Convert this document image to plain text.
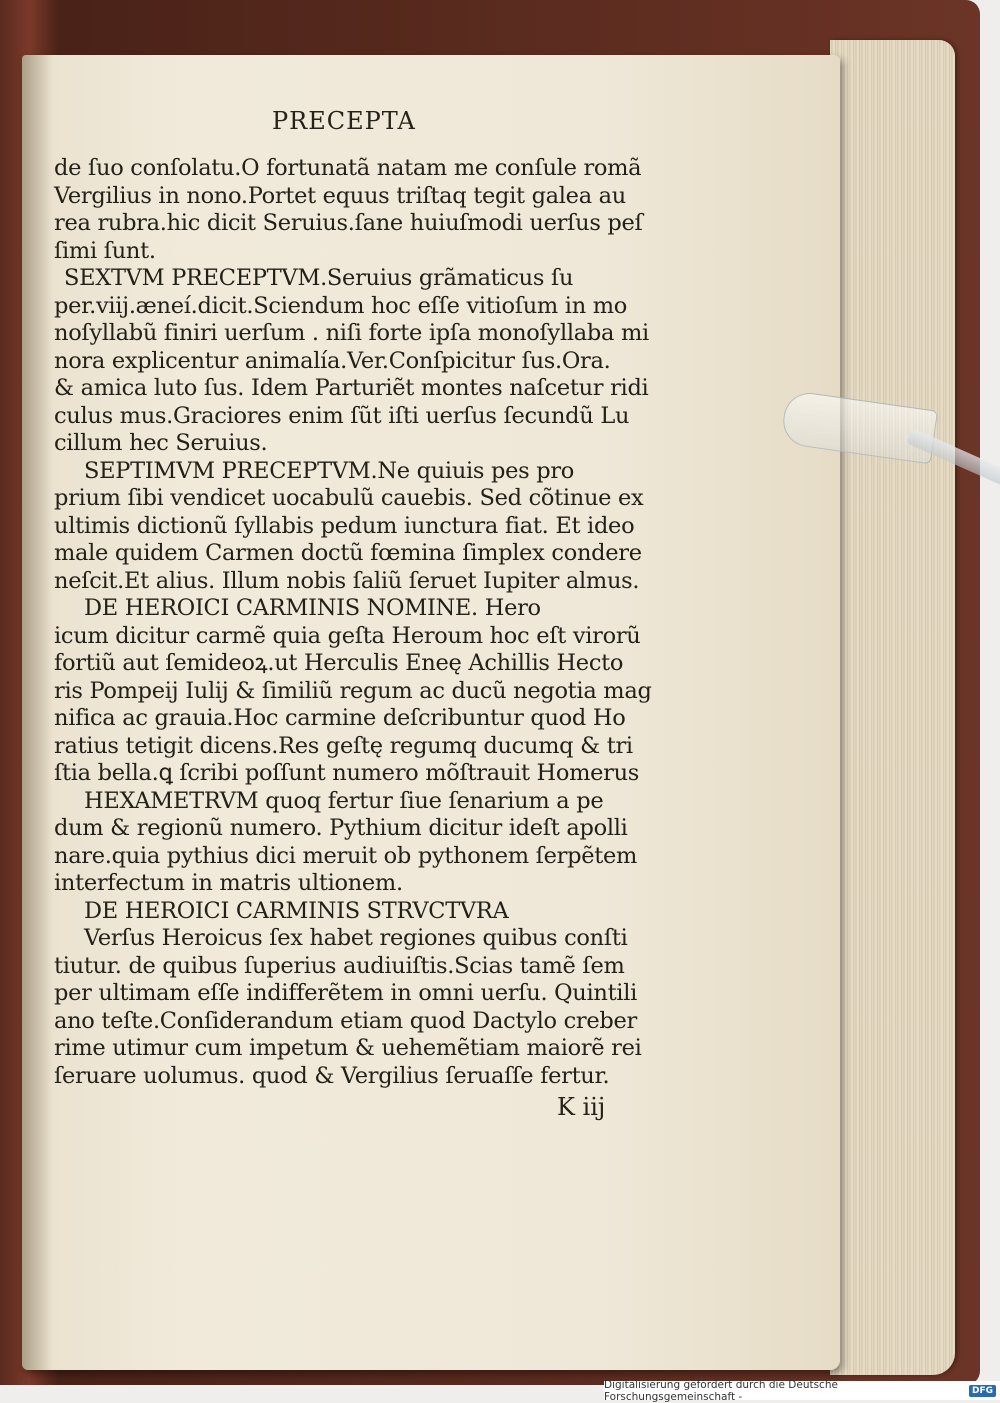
PRECEPTA
de ſuo conſolatu.O fortunatã natam me conſule romã
Vergilius in nono.Portet equus triſtaq tegit galea au
rea rubra.hic dicit Seruius.ſane huiuſmodi uerſus peſ
ſimi ſunt.
SEXTVM PRECEPTVM.Seruius grãmaticus ſu
per.viij.æneí.dicit.Sciendum hoc eſſe vitioſum in mo
noſyllabũ finiri uerſum . niſi forte ipſa monoſyllaba mi
nora explicentur animalía.Ver.Conſpicitur ſus.Ora.
& amica luto ſus. Idem Parturiẽt montes naſcetur ridi
culus mus.Graciores enim ſũt iſti uerſus ſecundũ Lu
cillum hec Seruius.
SEPTIMVM PRECEPTVM.Ne quiuis pes pro
prium ſibi vendicet uocabulũ cauebis. Sed cõtinue ex
ultimis dictionũ ſyllabis pedum iunctura fiat. Et ideo
male quidem Carmen doctũ fœmina ſimplex condere
neſcit.Et alius. Illum nobis ſaliũ ſeruet Iupiter almus.
DE HEROICI CARMINIS NOMINE. Hero
icum dicitur carmẽ quia geſta Heroum hoc eſt virorũ
fortiũ aut ſemideoꝝ.ut Herculis Eneę Achillis Hecto
ris Pompeij Iulij & ſimiliũ regum ac ducũ negotia mag
nifica ac grauia.Hoc carmine deſcribuntur quod Ho
ratius tetigit dicens.Res geſtę regumq ducumq & tri
ſtia bella.ꝗ ſcribi poſſunt numero mõſtrauit Homerus
HEXAMETRVM quoq fertur ſiue ſenarium a pe
dum & regionũ numero. Pythium dicitur ideſt apolli
nare.quia pythius dici meruit ob pythonem ſerpẽtem
interfectum in matris ultionem.
DE HEROICI CARMINIS STRVCTVRA
Verſus Heroicus ſex habet regiones quibus conſti
tiutur. de quibus ſuperius audiuiſtis.Scias tamẽ ſem
per ultimam eſſe indifferẽtem in omni uerſu. Quintili
ano teſte.Conſiderandum etiam quod Dactylo creber
rime utimur cum impetum & uehemẽtiam maiorẽ rei
ſeruare uolumus. quod & Vergilius ſeruaſſe fertur.
K iij
Digitalisierung gefördert durch die Deutsche Forschungsgemeinschaft -	DFG
